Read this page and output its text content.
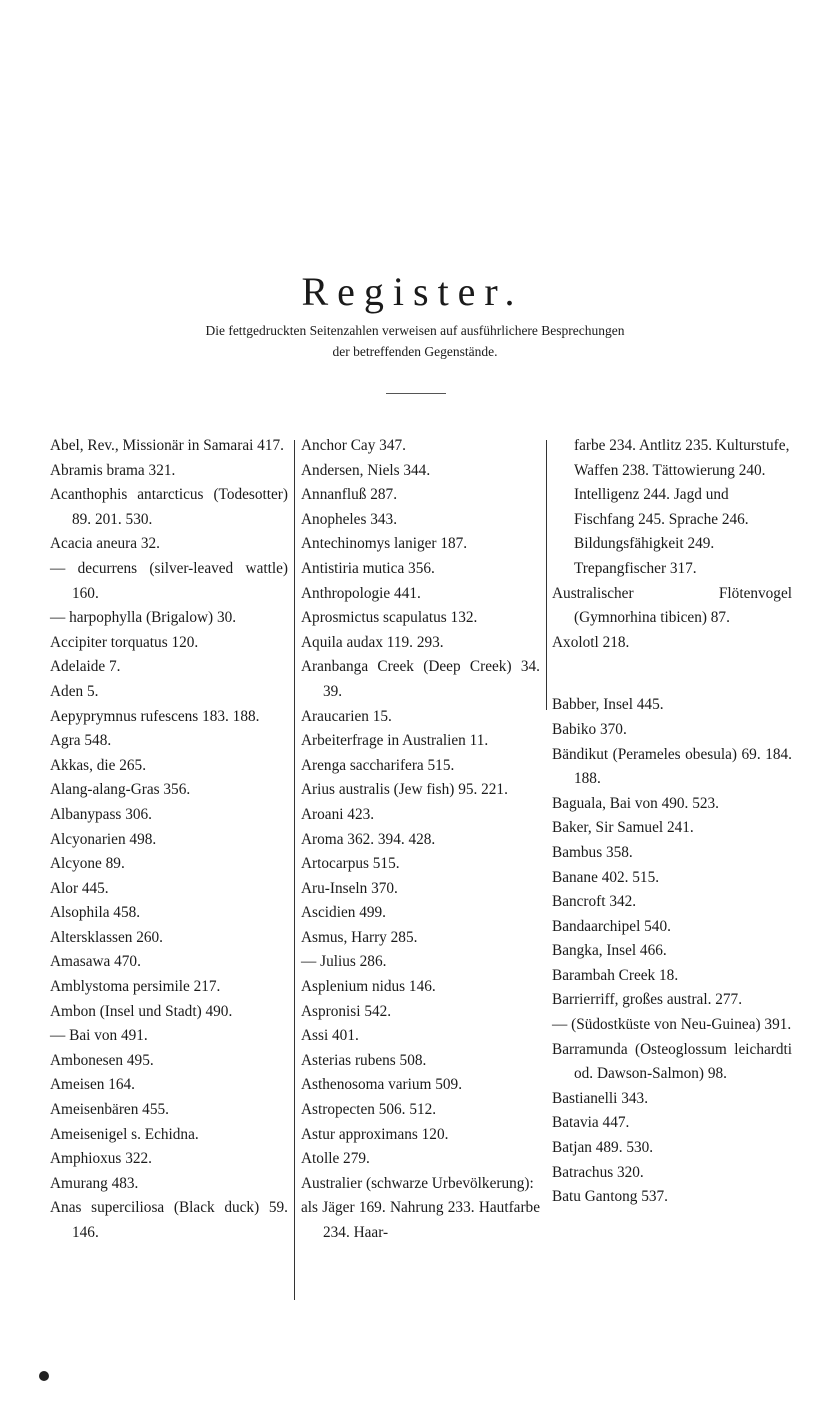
Register.
Die fettgedruckten Seitenzahlen verweisen auf ausführlichere Besprechungen
der betreffenden Gegenstände.
Abel, Rev., Missionär in Samarai 417.
Abramis brama 321.
Acanthophis antarcticus (Todesotter) 89. 201. 530.
Acacia aneura 32.
— decurrens (silver-leaved wattle) 160.
— harpophylla (Brigalow) 30.
Accipiter torquatus 120.
Adelaide 7.
Aden 5.
Aepyprymnus rufescens 183. 188.
Agra 548.
Akkas, die 265.
Alang-alang-Gras 356.
Albanypass 306.
Alcyonarien 498.
Alcyone 89.
Alor 445.
Alsophila 458.
Altersklassen 260.
Amasawa 470.
Amblystoma persimile 217.
Ambon (Insel und Stadt) 490.
— Bai von 491.
Ambonesen 495.
Ameisen 164.
Ameisenbären 455.
Ameisenigel s. Echidna.
Amphioxus 322.
Amurang 483.
Anas superciliosa (Black duck) 59. 146.
Anchor Cay 347.
Andersen, Niels 344.
Annanfluß 287.
Anopheles 343.
Antechinomys laniger 187.
Antistiria mutica 356.
Anthropologie 441.
Aprosmictus scapulatus 132.
Aquila audax 119. 293.
Aranbanga Creek (Deep Creek) 34. 39.
Araucarien 15.
Arbeiterfrage in Australien 11.
Arenga saccharifera 515.
Arius australis (Jew fish) 95. 221.
Aroani 423.
Aroma 362. 394. 428.
Artocarpus 515.
Aru-Inseln 370.
Ascidien 499.
Asmus, Harry 285.
— Julius 286.
Asplenium nidus 146.
Aspronisi 542.
Assi 401.
Asterias rubens 508.
Asthenosoma varium 509.
Astropecten 506. 512.
Astur approximans 120.
Atolle 279.
Australier (schwarze Urbevölkerung):
als Jäger 169. Nahrung 233. Hautfarbe 234. Haar-
farbe 234. Antlitz 235. Kulturstufe, Waffen 238. Tättowierung 240. Intelligenz 244. Jagd und Fischfang 245. Sprache 246. Bildungsfähigkeit 249. Trepangfischer 317.
Australischer Flötenvogel (Gymnorhina tibicen) 87.
Axolotl 218.
Babber, Insel 445.
Babiko 370.
Bändikut (Perameles obesula) 69. 184. 188.
Baguala, Bai von 490. 523.
Baker, Sir Samuel 241.
Bambus 358.
Banane 402. 515.
Bancroft 342.
Bandaarchipel 540.
Bangka, Insel 466.
Barambah Creek 18.
Barrierriff, großes austral. 277.
— (Südostküste von Neu-Guinea) 391.
Barramunda (Osteoglossum leichardti od. Dawson-Salmon) 98.
Bastianelli 343.
Batavia 447.
Batjan 489. 530.
Batrachus 320.
Batu Gantong 537.
